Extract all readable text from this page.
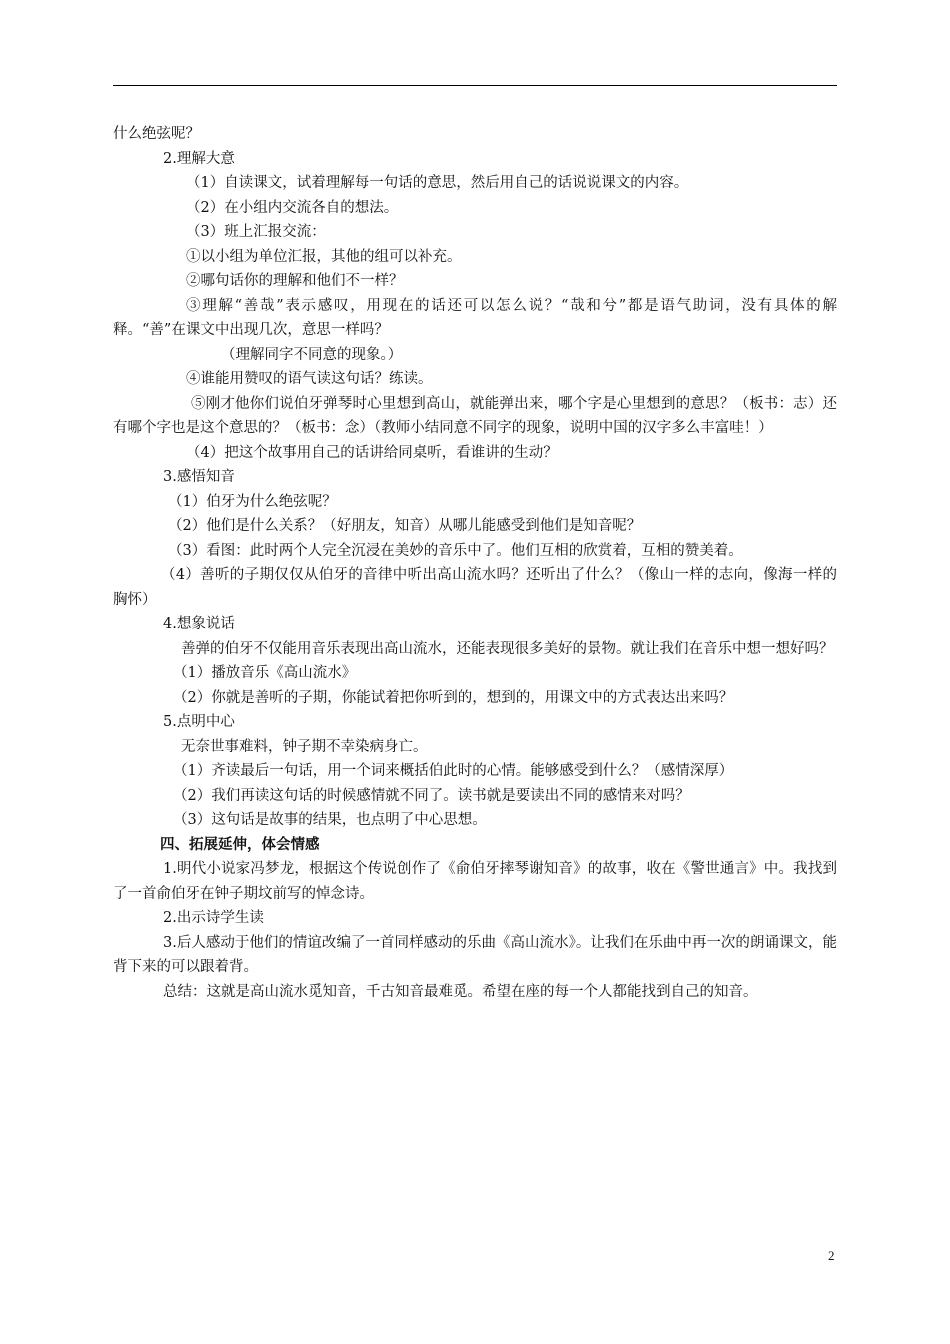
什么绝弦呢？

2.理解大意

（1）自读课文，试着理解每一句话的意思，然后用自己的话说说课文的内容。

（2）在小组内交流各自的想法。

（3）班上汇报交流：

①以小组为单位汇报，其他的组可以补充。

②哪句话你的理解和他们不一样？

③理解“善哉”表示感叹，用现在的话还可以怎么说？“哉和兮”都是语气助词，没有具体的解释。“善”在课文中出现几次，意思一样吗？

（理解同字不同意的现象。）

④谁能用赞叹的语气读这句话？练读。

⑤刚才他你们说伯牙弹琴时心里想到高山，就能弹出来，哪个字是心里想到的意思？（板书：志）还有哪个字也是这个意思的？（板书：念）（教师小结同意不同字的现象，说明中国的汉字多么丰富哇！）

（4）把这个故事用自己的话讲给同桌听，看谁讲的生动？

3.感悟知音

（1）伯牙为什么绝弦呢？

（2）他们是什么关系？（好朋友，知音）从哪儿能感受到他们是知音呢？

（3）看图：此时两个人完全沉浸在美妙的音乐中了。他们互相的欣赏着，互相的赞美着。

（4）善听的子期仅仅从伯牙的音律中听出高山流水吗？还听出了什么？（像山一样的志向，像海一样的胸怀）

4.想象说话

善弹的伯牙不仅能用音乐表现出高山流水，还能表现很多美好的景物。就让我们在音乐中想一想好吗？

（1）播放音乐《高山流水》

（2）你就是善听的子期，你能试着把你听到的，想到的，用课文中的方式表达出来吗？

5.点明中心

无奈世事难料，钟子期不幸染病身亡。

（1）齐读最后一句话，用一个词来概括伯此时的心情。能够感受到什么？（感情深厚）

（2）我们再读这句话的时候感情就不同了。读书就是要读出不同的感情来对吗？

（3）这句话是故事的结果，也点明了中心思想。

四、拓展延伸，体会情感

1.明代小说家冯梦龙，根据这个传说创作了《俞伯牙摔琴谢知音》的故事，收在《警世通言》中。我找到了一首俞伯牙在钟子期坟前写的悼念诗。

2.出示诗学生读

3.后人感动于他们的情谊改编了一首同样感动的乐曲《高山流水》。让我们在乐曲中再一次的朗诵课文，能背下来的可以跟着背。

总结：这就是高山流水觅知音，千古知音最难觅。希望在座的每一个人都能找到自己的知音。

2
